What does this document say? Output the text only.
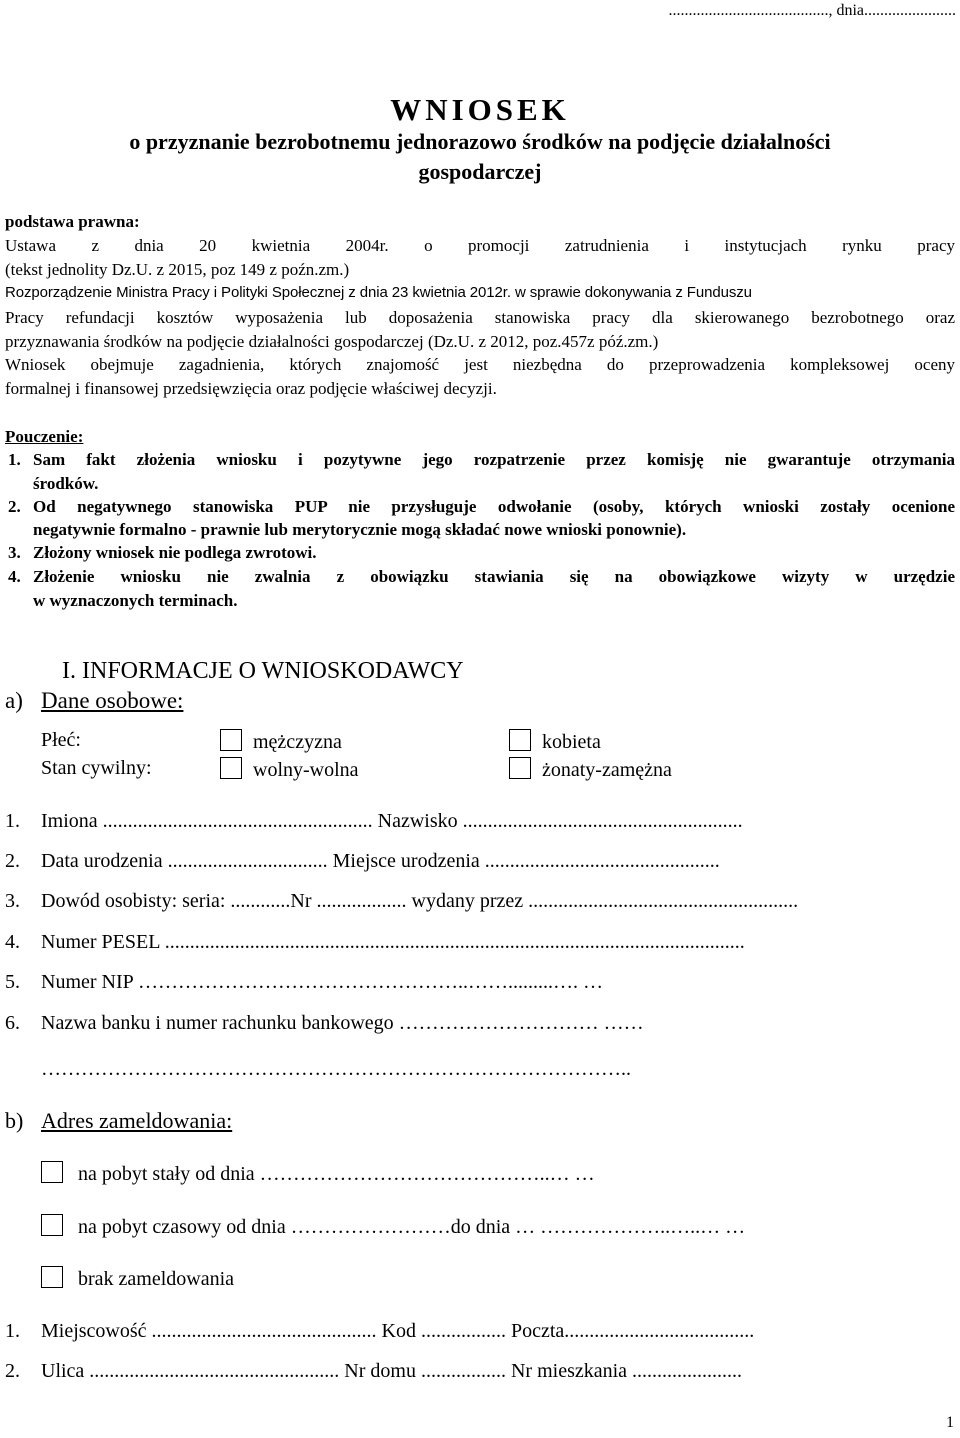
........................................, dnia.......................
WNIOSEK
o przyznanie bezrobotnemu jednorazowo środków na podjęcie działalności
gospodarczej
podstawa prawna:
Ustawa z dnia 20 kwietnia 2004r. o promocji zatrudnienia i instytucjach rynku pracy
(tekst jednolity Dz.U. z 2015, poz 149 z poźn.zm.)
Rozporządzenie Ministra Pracy i Polityki Społecznej z dnia 23 kwietnia 2012r. w sprawie dokonywania z Funduszu
Pracy refundacji kosztów wyposażenia lub doposażenia stanowiska pracy dla skierowanego bezrobotnego oraz
przyznawania środków na podjęcie działalności gospodarczej (Dz.U. z 2012, poz.457z póź.zm.)
Wniosek obejmuje zagadnienia, których znajomość jest niezbędna do przeprowadzenia kompleksowej oceny
formalnej i finansowej przedsięwzięcia oraz podjęcie właściwej decyzji.
Pouczenie:
1. Sam fakt złożenia wniosku i pozytywne jego rozpatrzenie przez komisję nie gwarantuje otrzymania
środków.
2. Od negatywnego stanowiska PUP nie przysługuje odwołanie (osoby, których wnioski zostały ocenione
negatywnie formalno - prawnie lub merytorycznie mogą składać nowe wnioski ponownie).
3. Złożony wniosek nie podlega zwrotowi.
4. Złożenie wniosku nie zwalnia z obowiązku stawiania się na obowiązkowe wizyty w urzędzie
w wyznaczonych terminach.
I. INFORMACJE O WNIOSKODAWCY
a) Dane osobowe:
Płeć:	mężczyzna	kobieta
Stan cywilny:	wolny-wolna	żonaty-zamężna
1. Imiona ...................................................... Nazwisko ........................................................
2. Data urodzenia ................................ Miejsce urodzenia ...............................................
3. Dowód osobisty: seria: ............Nr .................. wydany przez ......................................................
4. Numer PESEL ....................................................................................................................
5. Numer NIP …………………………………………..…….........…. …
6. Nazwa banku i numer rachunku bankowego ………………………… ……
……………………………………………………………………………..
b) Adres zameldowania:
na pobyt stały od dnia ……………………………………..… …
na pobyt czasowy od dnia ……………………do dnia … ………………..…..… …
brak zameldowania
1. Miejscowość ............................................. Kod ................. Poczta......................................
2. Ulica .................................................. Nr domu ................. Nr mieszkania ......................
1
